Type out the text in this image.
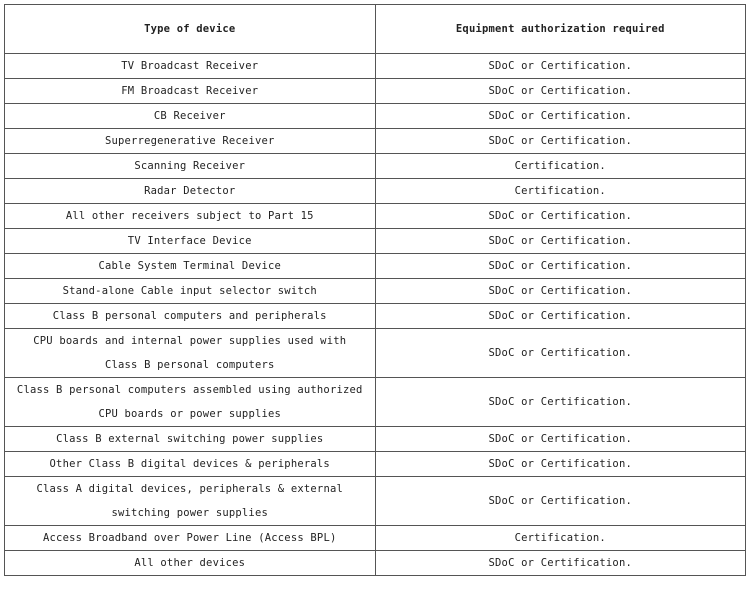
Type of device	Equipment authorization required
TV Broadcast Receiver	SDoC or Certification.
FM Broadcast Receiver	SDoC or Certification.
CB Receiver	SDoC or Certification.
Superregenerative Receiver	SDoC or Certification.
Scanning Receiver	Certification.
Radar Detector	Certification.
All other receivers subject to Part 15	SDoC or Certification.
TV Interface Device	SDoC or Certification.
Cable System Terminal Device	SDoC or Certification.
Stand-alone Cable input selector switch	SDoC or Certification.
Class B personal computers and peripherals	SDoC or Certification.
CPU boards and internal power supplies used with Class B personal computers	SDoC or Certification.
Class B personal computers assembled using authorized CPU boards or power supplies	SDoC or Certification.
Class B external switching power supplies	SDoC or Certification.
Other Class B digital devices & peripherals	SDoC or Certification.
Class A digital devices, peripherals & external switching power supplies	SDoC or Certification.
Access Broadband over Power Line (Access BPL)	Certification.
All other devices	SDoC or Certification.
